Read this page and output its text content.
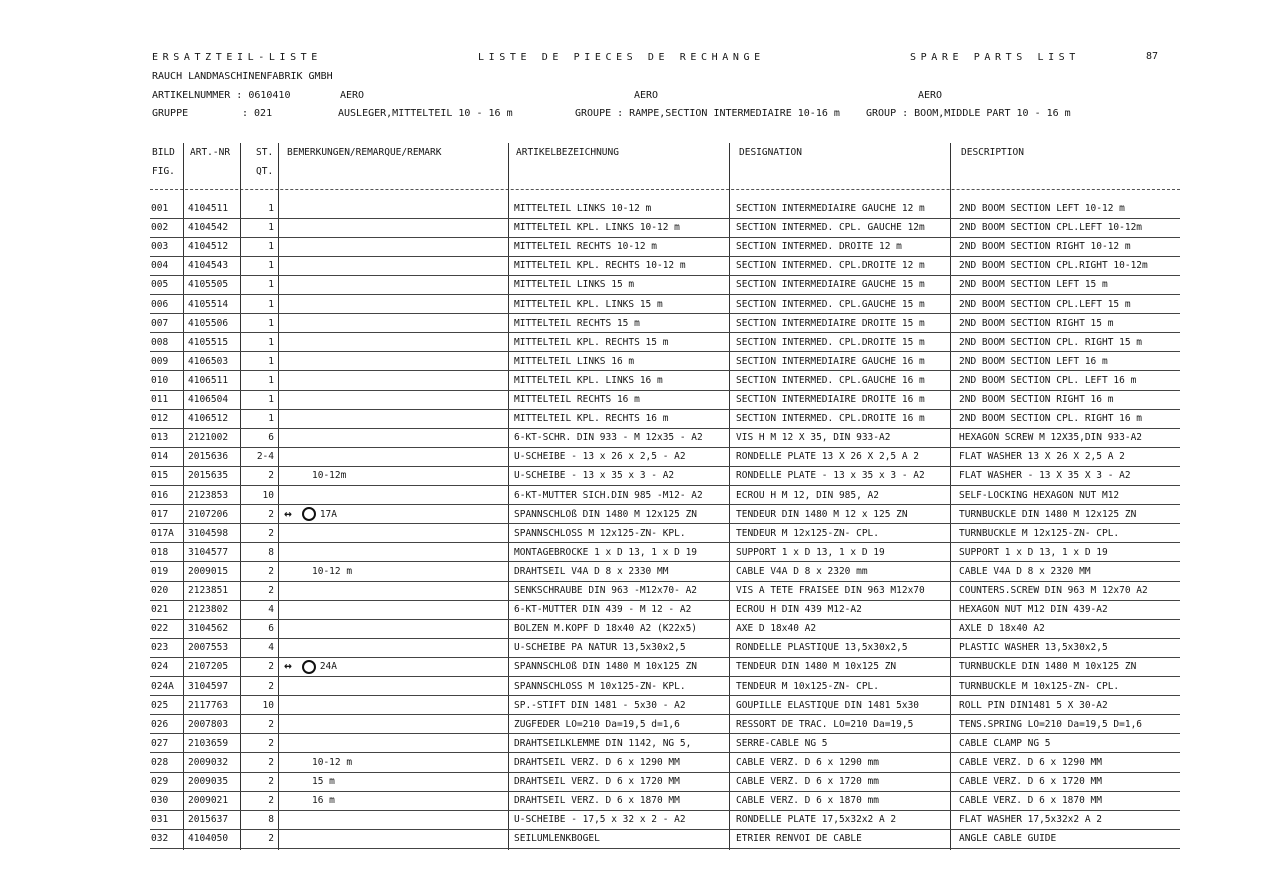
ERSATZTEIL-LISTE	LISTE DE PIECES DE RECHANGE	SPARE PARTS LIST	87
RAUCH LANDMASCHINENFABRIK GMBH
ARTIKELNUMMER : 0610410	AERO	AERO	AERO
GRUPPE	: 021	AUSLEGER,MITTELTEIL 10 - 16 m	GROUPE : RAMPE,SECTION INTERMEDIAIRE 10-16 m	GROUP : BOOM,MIDDLE PART 10 - 16 m
BILD
FIG.
ART.-NR	ST.
QT.
BEMERKUNGEN/REMARQUE/REMARK	ARTIKELBEZEICHNUNG	DESIGNATION	DESCRIPTION
001	4104511	1	MITTELTEIL LINKS 10-12 m	SECTION INTERMEDIAIRE GAUCHE 12 m	2ND BOOM SECTION LEFT 10-12 m
002	4104542	1	MITTELTEIL KPL. LINKS 10-12 m	SECTION INTERMED. CPL. GAUCHE 12m	2ND BOOM SECTION CPL.LEFT 10-12m
003	4104512	1	MITTELTEIL RECHTS 10-12 m	SECTION INTERMED. DROITE 12 m	2ND BOOM SECTION RIGHT 10-12 m
004	4104543	1	MITTELTEIL KPL. RECHTS 10-12 m	SECTION INTERMED. CPL.DROITE 12 m	2ND BOOM SECTION CPL.RIGHT 10-12m
005	4105505	1	MITTELTEIL LINKS 15 m	SECTION INTERMEDIAIRE GAUCHE 15 m	2ND BOOM SECTION LEFT 15 m
006	4105514	1	MITTELTEIL KPL. LINKS 15 m	SECTION INTERMED. CPL.GAUCHE 15 m	2ND BOOM SECTION CPL.LEFT 15 m
007	4105506	1	MITTELTEIL RECHTS 15 m	SECTION INTERMEDIAIRE DROITE 15 m	2ND BOOM SECTION RIGHT 15 m
008	4105515	1	MITTELTEIL KPL. RECHTS 15 m	SECTION INTERMED. CPL.DROITE 15 m	2ND BOOM SECTION CPL. RIGHT 15 m
009	4106503	1	MITTELTEIL LINKS 16 m	SECTION INTERMEDIAIRE GAUCHE 16 m	2ND BOOM SECTION LEFT 16 m
010	4106511	1	MITTELTEIL KPL. LINKS 16 m	SECTION INTERMED. CPL.GAUCHE 16 m	2ND BOOM SECTION CPL. LEFT 16 m
011	4106504	1	MITTELTEIL RECHTS 16 m	SECTION INTERMEDIAIRE DROITE 16 m	2ND BOOM SECTION RIGHT 16 m
012	4106512	1	MITTELTEIL KPL. RECHTS 16 m	SECTION INTERMED. CPL.DROITE 16 m	2ND BOOM SECTION CPL. RIGHT 16 m
013	2121002	6	6-KT-SCHR. DIN 933 - M 12x35 - A2	VIS H M 12 X 35, DIN 933-A2	HEXAGON SCREW M 12X35,DIN 933-A2
014	2015636	2-4	U-SCHEIBE - 13 x 26 x 2,5 - A2	RONDELLE PLATE 13 X 26 X 2,5 A 2	FLAT WASHER 13 X 26 X 2,5 A 2
015	2015635	2	10-12m	U-SCHEIBE - 13 x 35 x 3 - A2	RONDELLE PLATE - 13 x 35 x 3 - A2	FLAT WASHER - 13 X 35 X 3 - A2
016	2123853	10	6-KT-MUTTER SICH.DIN 985 -M12- A2	ECROU H M 12, DIN 985, A2	SELF-LOCKING HEXAGON NUT M12
017	2107206	2 ↔	17A	SPANNSCHLOß DIN 1480 M 12x125 ZN	TENDEUR DIN 1480 M 12 x 125 ZN	TURNBUCKLE DIN 1480 M 12x125 ZN
017A	3104598	2	SPANNSCHLOSS M 12x125-ZN- KPL.	TENDEUR M 12x125-ZN- CPL.	TURNBUCKLE M 12x125-ZN- CPL.
018	3104577	8	MONTAGEBROCKE 1 x D 13, 1 x D 19	SUPPORT 1 x D 13, 1 x D 19	SUPPORT 1 x D 13, 1 x D 19
019	2009015	2	10-12 m	DRAHTSEIL V4A D 8 x 2330 MM	CABLE V4A D 8 x 2320 mm	CABLE V4A D 8 x 2320 MM
020	2123851	2	SENKSCHRAUBE DIN 963 -M12x70- A2	VIS A TETE FRAISEE DIN 963 M12x70	COUNTERS.SCREW DIN 963 M 12x70 A2
021	2123802	4	6-KT-MUTTER DIN 439 - M 12 - A2	ECROU H DIN 439 M12-A2	HEXAGON NUT M12 DIN 439-A2
022	3104562	6	BOLZEN M.KOPF D 18x40 A2 (K22x5)	AXE D 18x40 A2	AXLE D 18x40 A2
023	2007553	4	U-SCHEIBE PA NATUR 13,5x30x2,5	RONDELLE PLASTIQUE 13,5x30x2,5	PLASTIC WASHER 13,5x30x2,5
024	2107205	2 ↔	24A	SPANNSCHLOß DIN 1480 M 10x125 ZN	TENDEUR DIN 1480 M 10x125 ZN	TURNBUCKLE DIN 1480 M 10x125 ZN
024A	3104597	2	SPANNSCHLOSS M 10x125-ZN- KPL.	TENDEUR M 10x125-ZN- CPL.	TURNBUCKLE M 10x125-ZN- CPL.
025	2117763	10	SP.-STIFT DIN 1481 - 5x30 - A2	GOUPILLE ELASTIQUE DIN 1481 5x30	ROLL PIN DIN1481 5 X 30-A2
026	2007803	2	ZUGFEDER LO=210 Da=19,5 d=1,6	RESSORT DE TRAC. LO=210 Da=19,5	TENS.SPRING LO=210 Da=19,5 D=1,6
027	2103659	2	DRAHTSEILKLEMME DIN 1142, NG 5,	SERRE-CABLE NG 5	CABLE CLAMP NG 5
028	2009032	2	10-12 m	DRAHTSEIL VERZ. D 6 x 1290 MM	CABLE VERZ. D 6 x 1290 mm	CABLE VERZ. D 6 x 1290 MM
029	2009035	2	15 m	DRAHTSEIL VERZ. D 6 x 1720 MM	CABLE VERZ. D 6 x 1720 mm	CABLE VERZ. D 6 x 1720 MM
030	2009021	2	16 m	DRAHTSEIL VERZ. D 6 x 1870 MM	CABLE VERZ. D 6 x 1870 mm	CABLE VERZ. D 6 x 1870 MM
031	2015637	8	U-SCHEIBE - 17,5 x 32 x 2 - A2	RONDELLE PLATE 17,5x32x2 A 2	FLAT WASHER 17,5x32x2 A 2
032	4104050	2	SEILUMLENKBOGEL	ETRIER RENVOI DE CABLE	ANGLE CABLE GUIDE
